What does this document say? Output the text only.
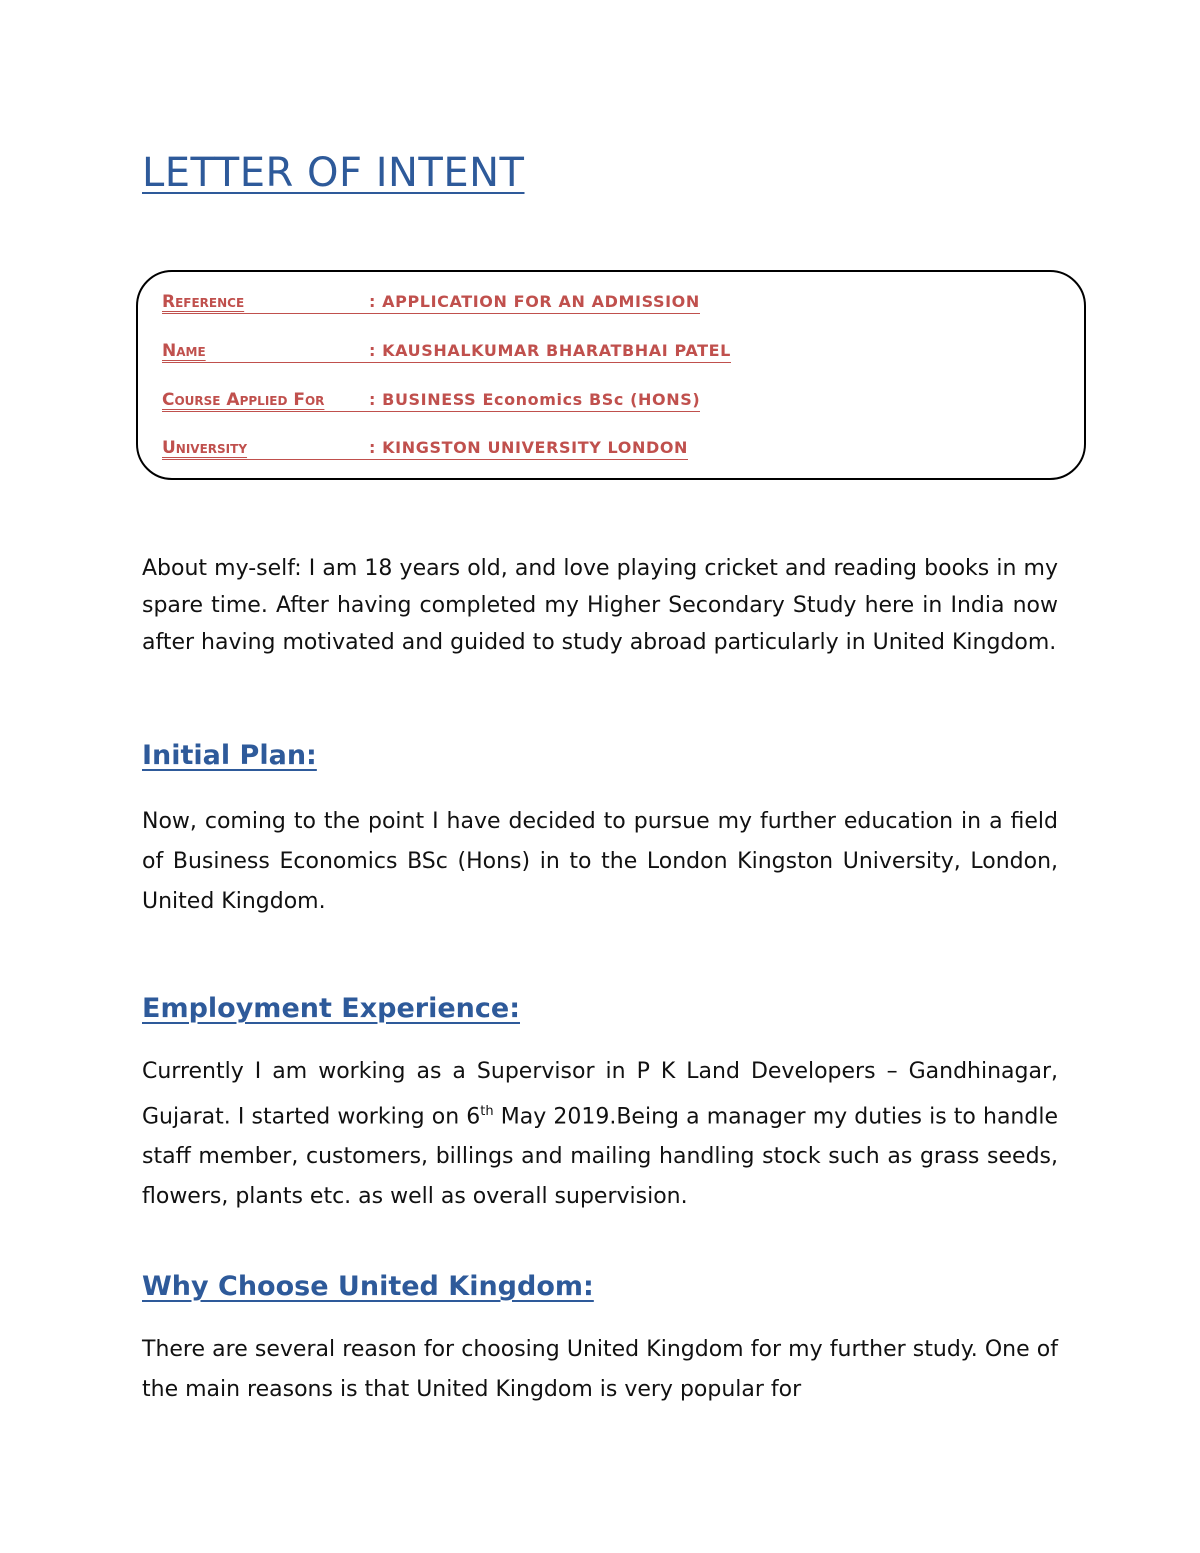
LETTER OF INTENT
Reference	: APPLICATION FOR AN ADMISSION
Name	: KAUSHALKUMAR BHARATBHAI PATEL
Course Applied For	: BUSINESS Economics BSc (HONS)
University	: KINGSTON UNIVERSITY LONDON

About my-self: I am 18 years old, and love playing cricket and reading books in my spare time. After having completed my Higher Secondary Study here in India now after having motivated and guided to study abroad particularly in United Kingdom.

Initial Plan:

Now, coming to the point I have decided to pursue my further education in a field of Business Economics BSc (Hons) in to the London Kingston University, London, United Kingdom.

Employment Experience:

Currently I am working as a Supervisor in P K Land Developers – Gandhinagar, Gujarat. I started working on 6th May 2019.Being a manager my duties is to handle staff member, customers, billings and mailing handling stock such as grass seeds, flowers, plants etc. as well as overall supervision.

Why Choose United Kingdom:

There are several reason for choosing United Kingdom for my further study. One of the main reasons is that United Kingdom is very popular for
